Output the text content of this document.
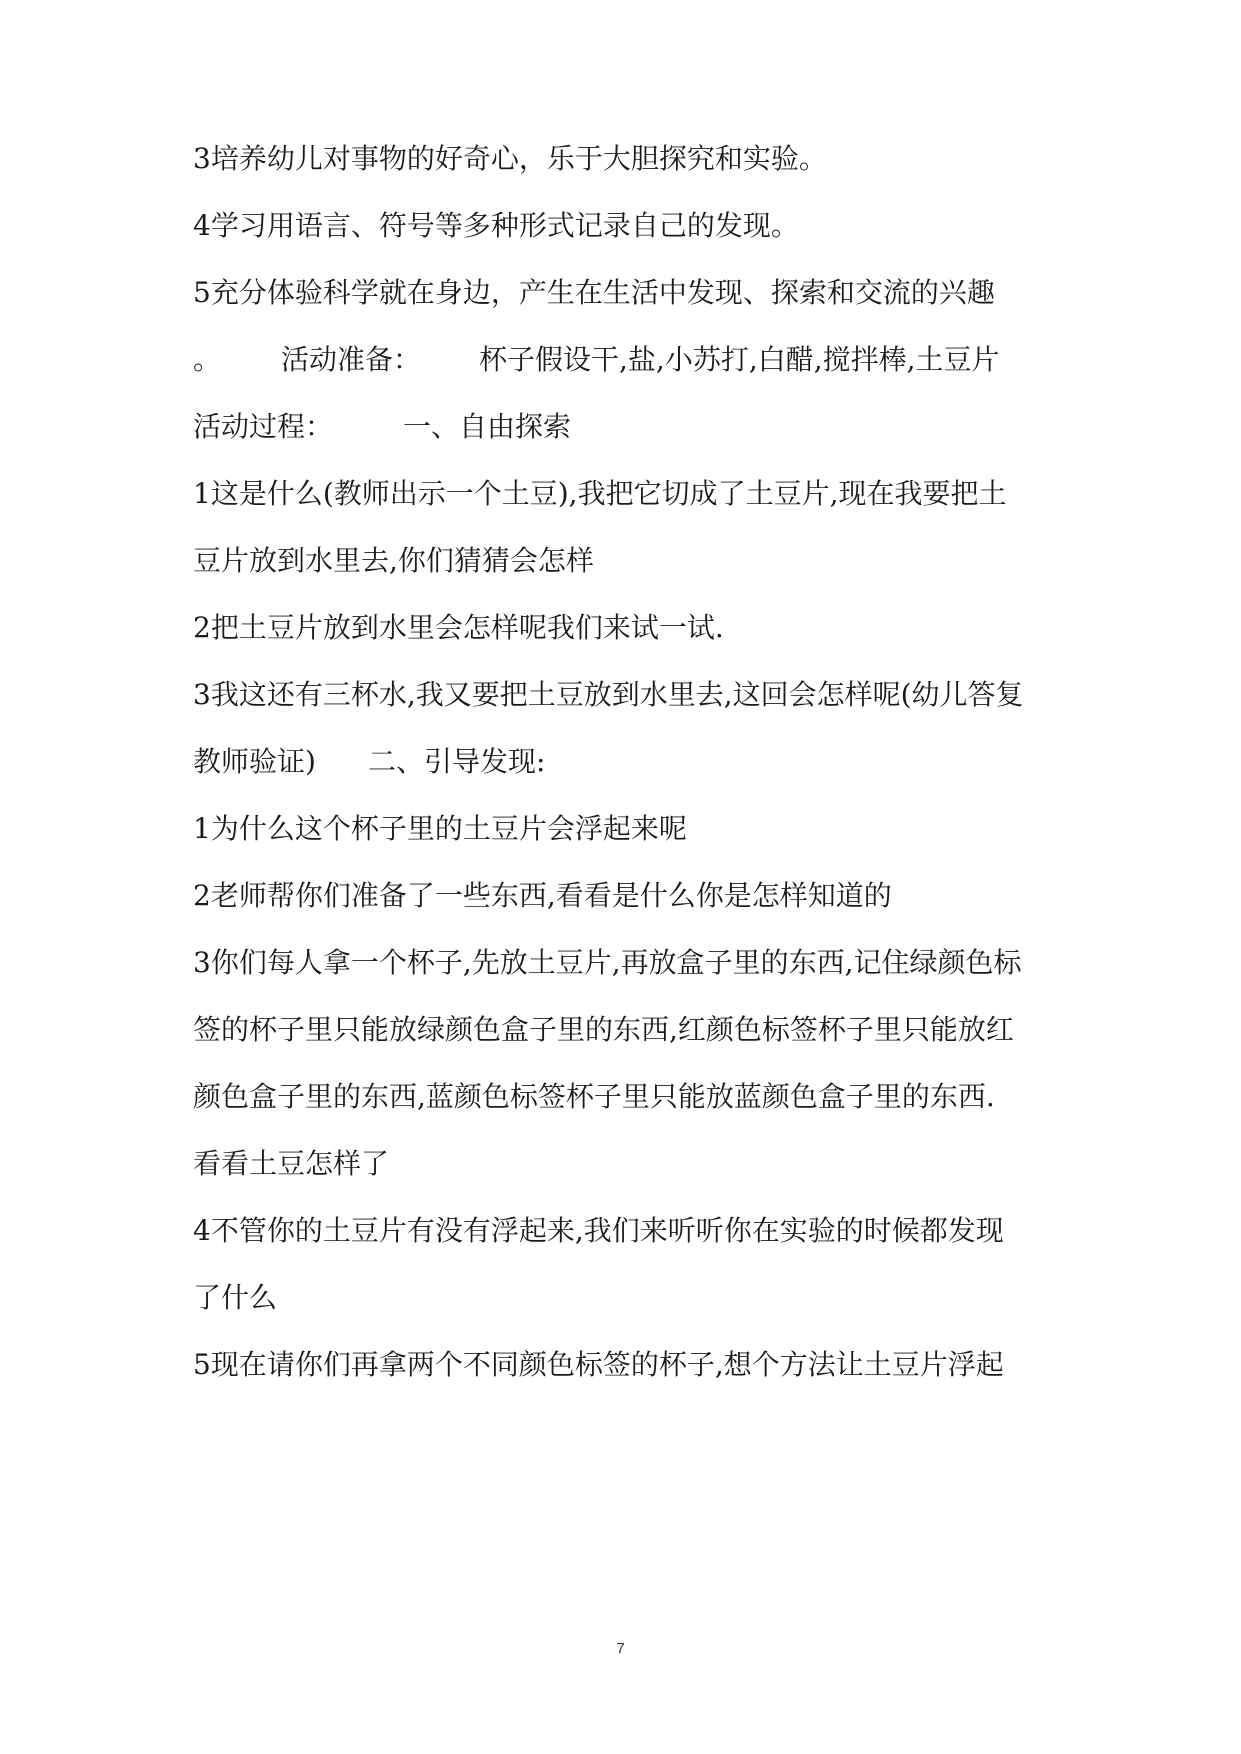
3培养幼儿对事物的好奇心，乐于大胆探究和实验。
4学习用语言、符号等多种形式记录自己的发现。
5充分体验科学就在身边，产生在生活中发现、探索和交流的兴趣
。 活动准备： 杯子假设干,盐,小苏打,白醋,搅拌棒,土豆片
活动过程：	一、自由探索
1这是什么(教师出示一个土豆),我把它切成了土豆片,现在我要把土
豆片放到水里去,你们猜猜会怎样
2把土豆片放到水里会怎样呢我们来试一试.
3我这还有三杯水,我又要把土豆放到水里去,这回会怎样呢(幼儿答复
教师验证) 二、引导发现:
1为什么这个杯子里的土豆片会浮起来呢
2老师帮你们准备了一些东西,看看是什么你是怎样知道的
3你们每人拿一个杯子,先放土豆片,再放盒子里的东西,记住绿颜色标
签的杯子里只能放绿颜色盒子里的东西,红颜色标签杯子里只能放红
颜色盒子里的东西,蓝颜色标签杯子里只能放蓝颜色盒子里的东西.
看看土豆怎样了
4不管你的土豆片有没有浮起来,我们来听听你在实验的时候都发现
了什么
5现在请你们再拿两个不同颜色标签的杯子,想个方法让土豆片浮起
7
